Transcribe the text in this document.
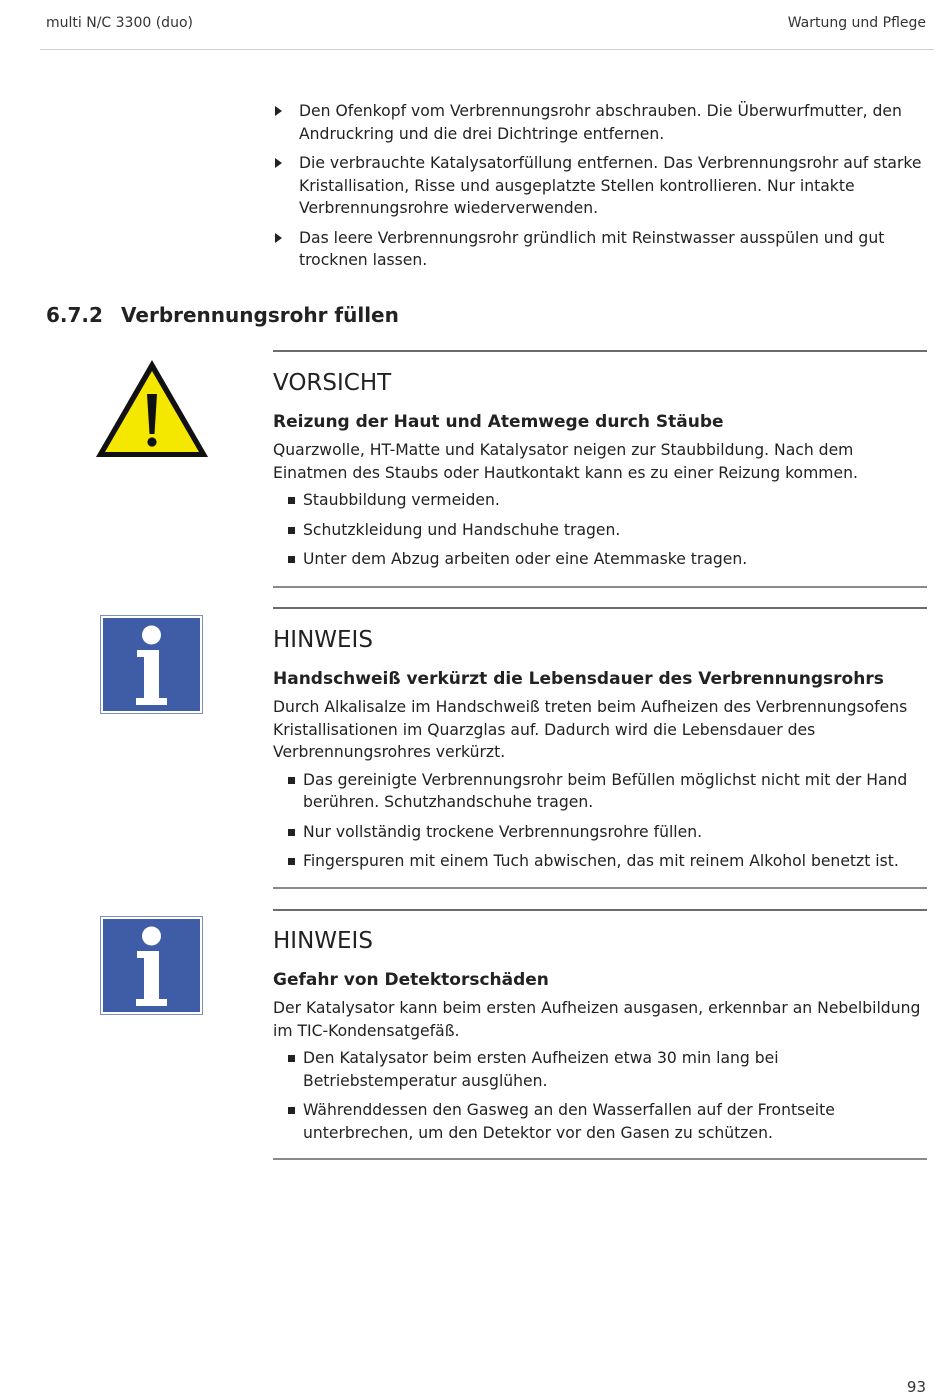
multi N/C 3300 (duo)	Wartung und Pflege
Den Ofenkopf vom Verbrennungsrohr abschrauben. Die Überwurfmutter, den Andruckring und die drei Dichtringe entfernen.
Die verbrauchte Katalysatorfüllung entfernen. Das Verbrennungsrohr auf starke Kristallisation, Risse und ausgeplatzte Stellen kontrollieren. Nur intakte Verbrennungsrohre wiederverwenden.
Das leere Verbrennungsrohr gründlich mit Reinstwasser ausspülen und gut trocknen lassen.
6.7.2 Verbrennungsrohr füllen
VORSICHT
Reizung der Haut und Atemwege durch Stäube
Quarzwolle, HT-Matte und Katalysator neigen zur Staubbildung. Nach dem Einatmen des Staubs oder Hautkontakt kann es zu einer Reizung kommen.
Staubbildung vermeiden.
Schutzkleidung und Handschuhe tragen.
Unter dem Abzug arbeiten oder eine Atemmaske tragen.
HINWEIS
Handschweiß verkürzt die Lebensdauer des Verbrennungsrohrs
Durch Alkalisalze im Handschweiß treten beim Aufheizen des Verbrennungsofens Kristallisationen im Quarzglas auf. Dadurch wird die Lebensdauer des Verbrennungsrohres verkürzt.
Das gereinigte Verbrennungsrohr beim Befüllen möglichst nicht mit der Hand berühren. Schutzhandschuhe tragen.
Nur vollständig trockene Verbrennungsrohre füllen.
Fingerspuren mit einem Tuch abwischen, das mit reinem Alkohol benetzt ist.
HINWEIS
Gefahr von Detektorschäden
Der Katalysator kann beim ersten Aufheizen ausgasen, erkennbar an Nebelbildung im TIC-Kondensatgefäß.
Den Katalysator beim ersten Aufheizen etwa 30 min lang bei Betriebstemperatur ausglühen.
Währenddessen den Gasweg an den Wasserfallen auf der Frontseite unterbrechen, um den Detektor vor den Gasen zu schützen.
93
